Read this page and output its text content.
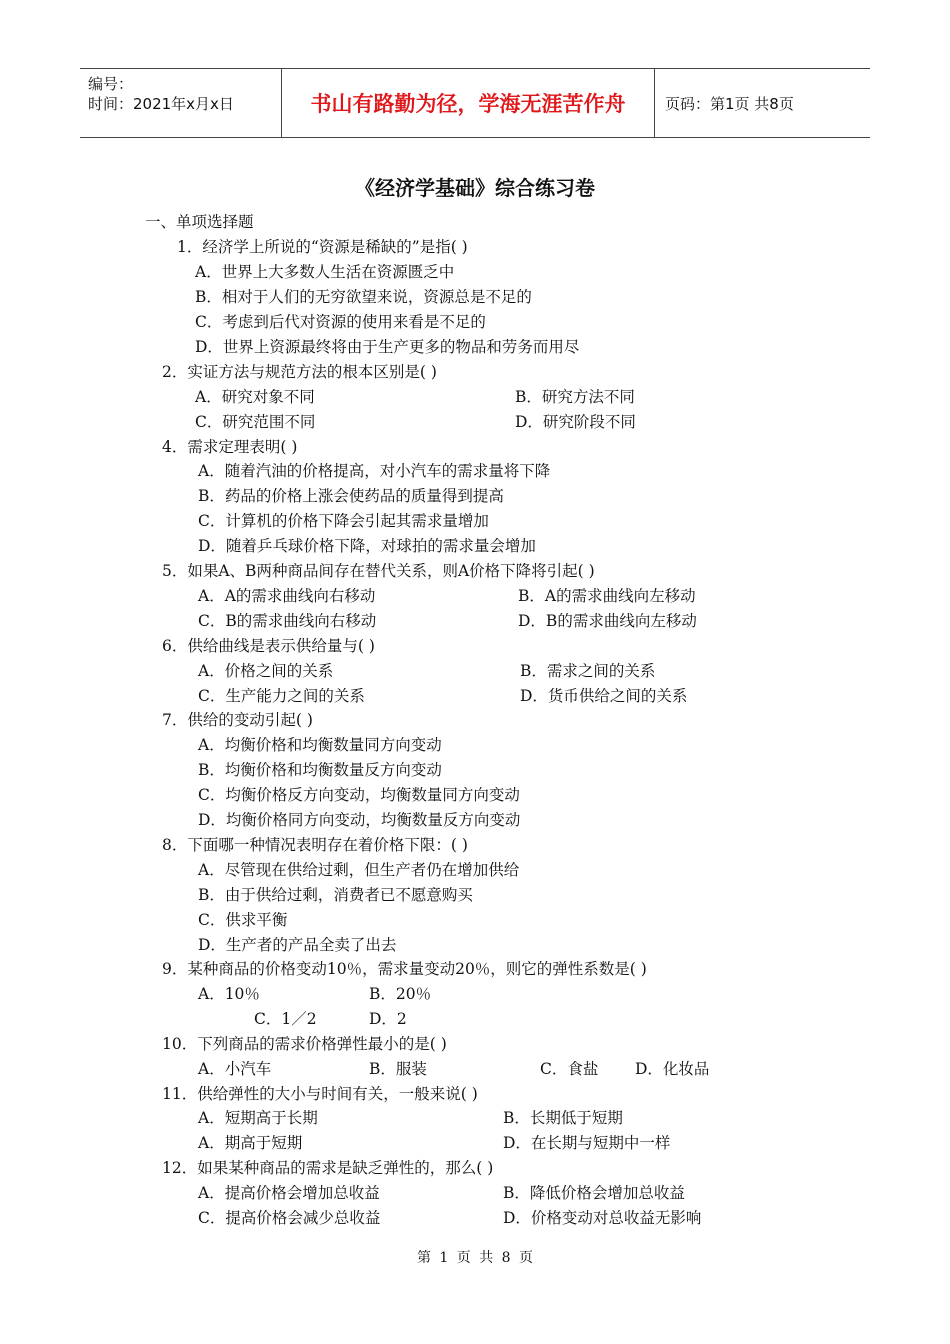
编号：
时间：2021年x月x日	书山有路勤为径，学海无涯苦作舟	页码：第1页 共8页
《经济学基础》综合练习卷
一、单项选择题
1．经济学上所说的“资源是稀缺的”是指( )
A．世界上大多数人生活在资源匮乏中
B．相对于人们的无穷欲望来说，资源总是不足的
C．考虑到后代对资源的使用来看是不足的
D．世界上资源最终将由于生产更多的物品和劳务而用尽
2．实证方法与规范方法的根本区别是( )
A．研究对象不同	B．研究方法不同
C．研究范围不同	D．研究阶段不同
4．需求定理表明( )
A．随着汽油的价格提高，对小汽车的需求量将下降
B．药品的价格上涨会使药品的质量得到提高
C．计算机的价格下降会引起其需求量增加
D．随着乒乓球价格下降，对球拍的需求量会增加
5．如果A、B两种商品间存在替代关系，则A价格下降将引起( )
A．A的需求曲线向右移动	B．A的需求曲线向左移动
C．B的需求曲线向右移动	D．B的需求曲线向左移动
6．供给曲线是表示供给量与( )
A．价格之间的关系	B．需求之间的关系
C．生产能力之间的关系	D．货币供给之间的关系
7．供给的变动引起( )
A．均衡价格和均衡数量同方向变动
B．均衡价格和均衡数量反方向变动
C．均衡价格反方向变动，均衡数量同方向变动
D．均衡价格同方向变动，均衡数量反方向变动
8．下面哪一种情况表明存在着价格下限：( )
A．尽管现在供给过剩，但生产者仍在增加供给
B．由于供给过剩，消费者已不愿意购买
C．供求平衡
D．生产者的产品全卖了出去
9．某种商品的价格变动10％，需求量变动20％，则它的弹性系数是( )
A．10％	B．20％
C．1／2	D．2
10．下列商品的需求价格弹性最小的是( )
A．小汽车	B．服装	C．食盐 D．化妆品
11．供给弹性的大小与时间有关，一般来说( )
A．短期高于长期	B．长期低于短期
A．期高于短期	D．在长期与短期中一样
12．如果某种商品的需求是缺乏弹性的，那么( )
A．提高价格会增加总收益	B．降低价格会增加总收益
C．提高价格会减少总收益	D．价格变动对总收益无影响
第 1 页 共 8 页
